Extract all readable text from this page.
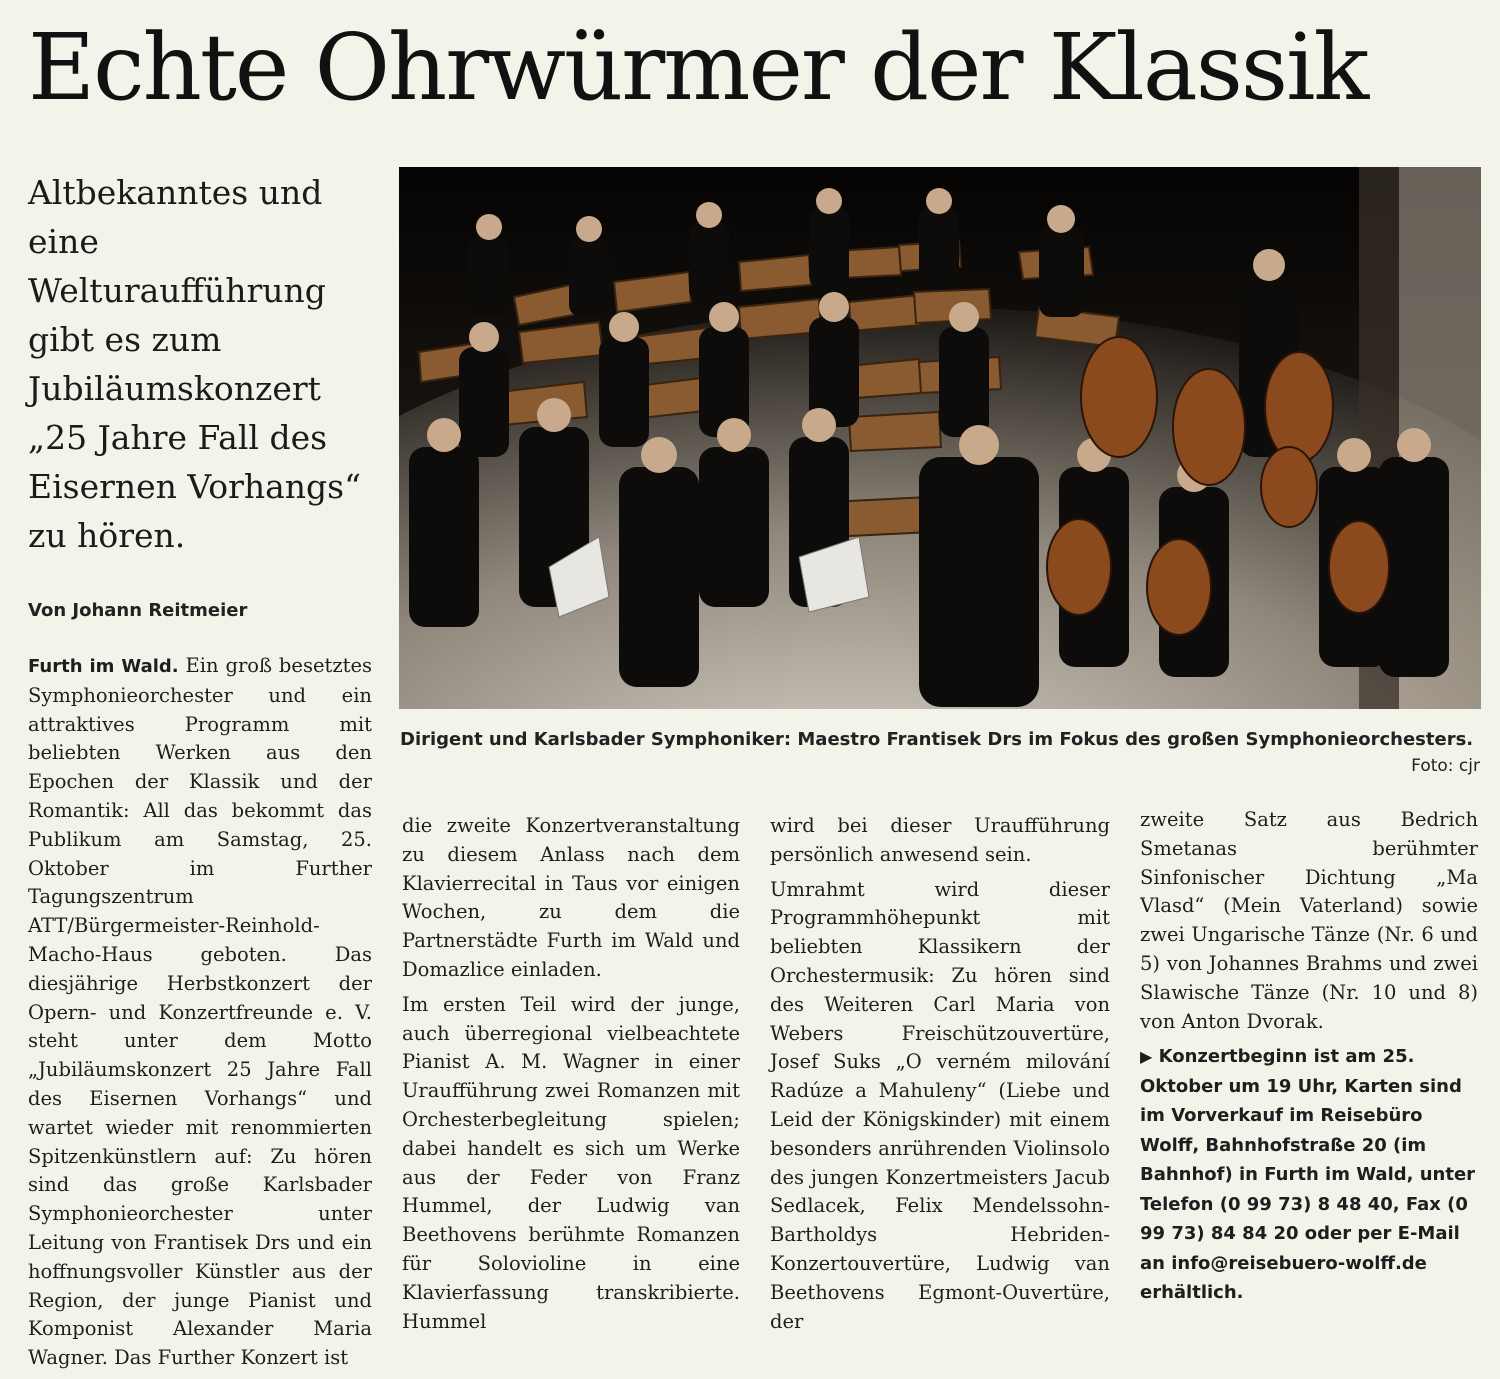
Echte Ohrwürmer der Klassik
Altbekanntes und eine Welturaufführung gibt es zum Jubiläumskonzert „25 Jahre Fall des Eisernen Vorhangs“ zu hören.
Von Johann Reitmeier
Dirigent und Karlsbader Symphoniker: Maestro Frantisek Drs im Fokus des großen Symphonieorchesters.
Foto: cjr

Furth im Wald. Ein groß besetztes Symphonieorchester und ein attraktives Programm mit beliebten Werken aus den Epochen der Klassik und der Romantik: All das bekommt das Publikum am Samstag, 25. Oktober im Further Tagungszentrum ATT/Bürgermeister-Reinhold-Macho-Haus geboten. Das diesjährige Herbstkonzert der Opern- und Konzertfreunde e. V. steht unter dem Motto „Jubiläumskonzert 25 Jahre Fall des Eisernen Vorhangs“ und wartet wieder mit renommierten Spitzenkünstlern auf: Zu hören sind das große Karlsbader Symphonieorchester unter Leitung von Frantisek Drs und ein hoffnungsvoller Künstler aus der Region, der junge Pianist und Komponist Alexander Maria Wagner. Das Further Konzert ist

die zweite Konzertveranstaltung zu diesem Anlass nach dem Klavierrecital in Taus vor einigen Wochen, zu dem die Partnerstädte Furth im Wald und Domazlice einladen.

Im ersten Teil wird der junge, auch überregional vielbeachtete Pianist A. M. Wagner in einer Uraufführung zwei Romanzen mit Orchesterbegleitung spielen; dabei handelt es sich um Werke aus der Feder von Franz Hummel, der Ludwig van Beethovens berühmte Romanzen für Solovioline in eine Klavierfassung transkribierte. Hummel

wird bei dieser Uraufführung persönlich anwesend sein.

Umrahmt wird dieser Programmhöhepunkt mit beliebten Klassikern der Orchestermusik: Zu hören sind des Weiteren Carl Maria von Webers Freischützouvertüre, Josef Suks „O verném milování Radúze a Mahuleny“ (Liebe und Leid der Königskinder) mit einem besonders anrührenden Violinsolo des jungen Konzertmeisters Jacub Sedlacek, Felix Mendelssohn-Bartholdys Hebriden-Konzertouvertüre, Ludwig van Beethovens Egmont-Ouvertüre, der

zweite Satz aus Bedrich Smetanas berühmter Sinfonischer Dichtung „Ma Vlasd“ (Mein Vaterland) sowie zwei Ungarische Tänze (Nr. 6 und 5) von Johannes Brahms und zwei Slawische Tänze (Nr. 10 und 8) von Anton Dvorak.

▶ Konzertbeginn ist am 25. Oktober um 19 Uhr, Karten sind im Vorverkauf im Reisebüro Wolff, Bahnhofstraße 20 (im Bahnhof) in Furth im Wald, unter Telefon (0 99 73) 8 48 40, Fax (0 99 73) 84 84 20 oder per E-Mail an info@reisebuero-wolff.de erhältlich.
